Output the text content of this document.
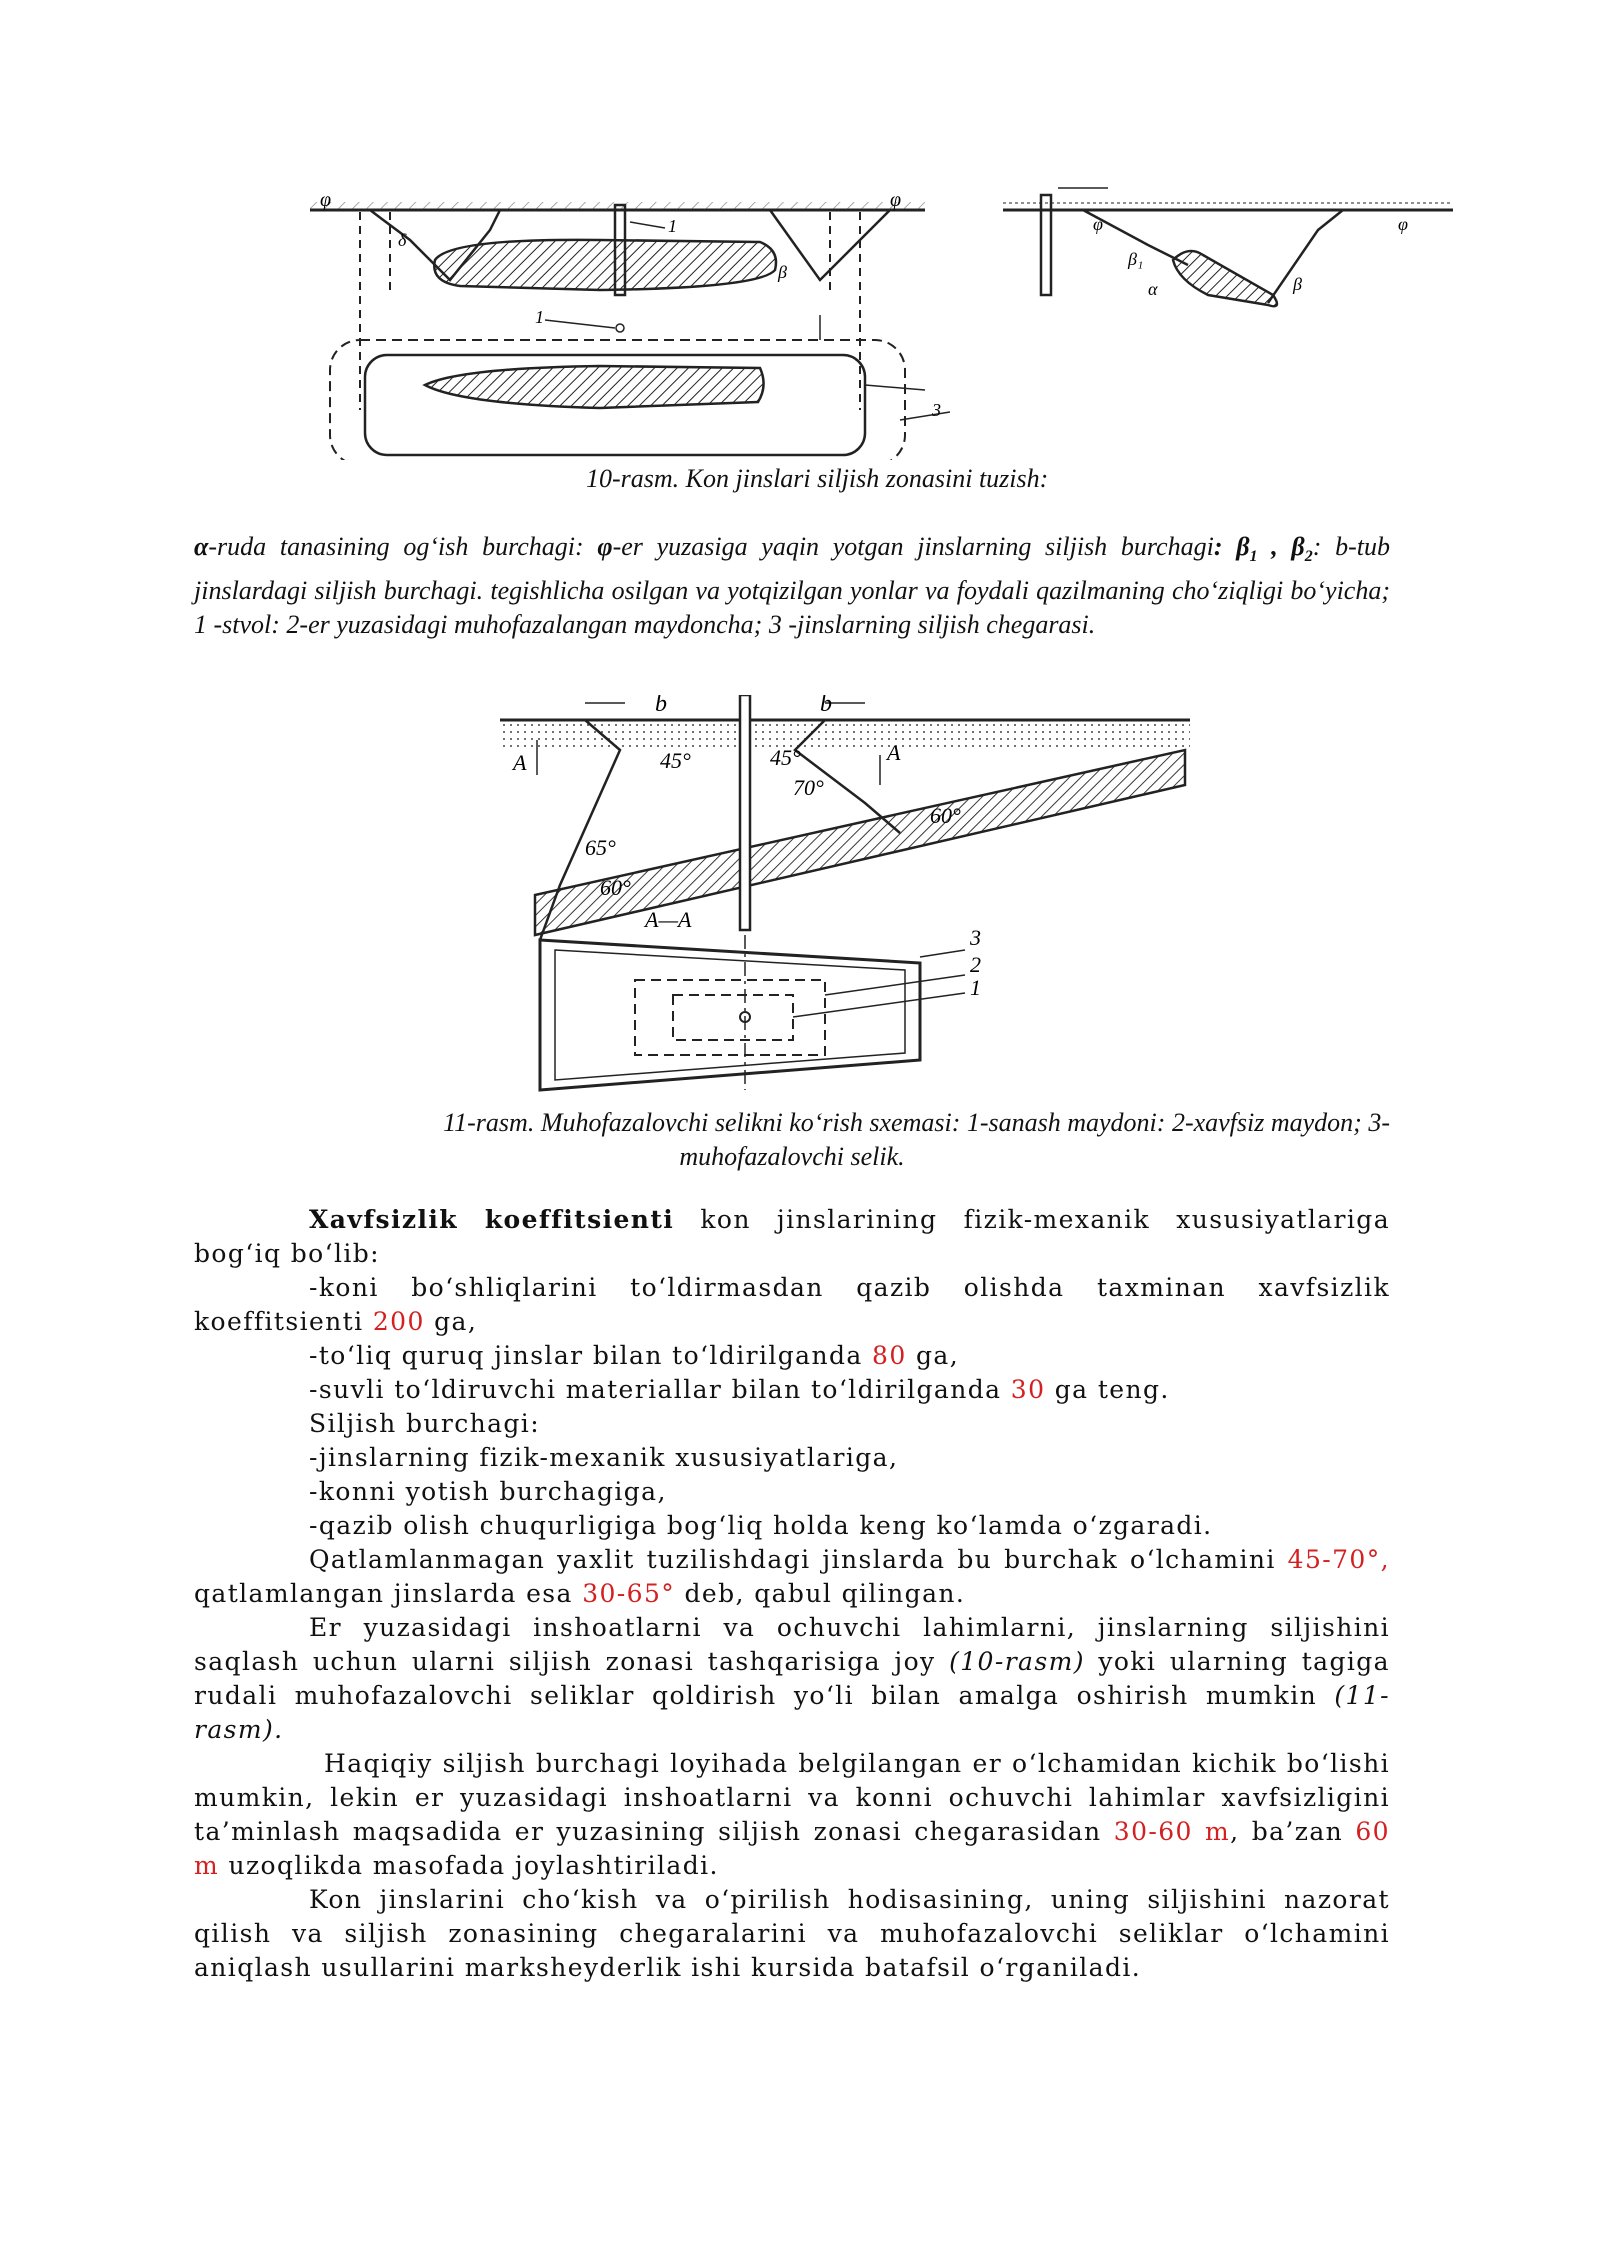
φ	φ
δ
β
1
1
3
φ	φ
β₁
α	β
10-rasm. Kon jinslari siljish zonasini tuzish:
α-ruda tanasining og‘ish burchagi: φ-er yuzasiga yaqin yotgan jinslarning siljish burchagi: $\beta_1$ , $\beta_2$: b-tub jinslardagi siljish burchagi. tegishlicha osilgan va yotqizilgan yonlar va foydali qazilmaning cho‘ziqligi bo‘yicha; 1 -stvol: 2-er yuzasidagi muhofazalangan maydoncha; 3 -jinslarning siljish chegarasi.
b	b
45°	45°
70°
60°
65°
60°
A	A
A—A
3
2
1
11-rasm. Muhofazalovchi selikni ko‘rish sxemasi: 1-sanash maydoni: 2-xavfsiz maydon; 3-
muhofazalovchi selik.

Xavfsizlik koeffitsienti kon jinslarining fizik-mexanik xususiyatlariga bog‘iq bo‘lib:

-koni bo‘shliqlarini to‘ldirmasdan qazib olishda taxminan xavfsizlik koeffitsienti 200 ga,

-to‘liq quruq jinslar bilan to‘ldirilganda 80 ga,

-suvli to‘ldiruvchi materiallar bilan to‘ldirilganda 30 ga teng.

Siljish burchagi:

-jinslarning fizik-mexanik xususiyatlariga,

-konni yotish burchagiga,

-qazib olish chuqurligiga bog‘liq holda keng ko‘lamda o‘zgaradi.

Qatlamlanmagan yaxlit tuzilishdagi jinslarda bu burchak o‘lchamini 45-70°, qatlamlangan jinslarda esa 30-65° deb, qabul qilingan.

Er yuzasidagi inshoatlarni va ochuvchi lahimlarni, jinslarning siljishini saqlash uchun ularni siljish zonasi tashqarisiga joy (10-rasm) yoki ularning tagiga rudali muhofazalovchi seliklar qoldirish yo‘li bilan amalga oshirish mumkin (11-rasm).

Haqiqiy siljish burchagi loyihada belgilangan er o‘lchamidan kichik bo‘lishi mumkin, lekin er yuzasidagi inshoatlarni va konni ochuvchi lahimlar xavfsizligini ta’minlash maqsadida er yuzasining siljish zonasi chegarasidan 30-60 m, ba’zan 60 m uzoqlikda masofada joylashtiriladi.

Kon jinslarini cho‘kish va o‘pirilish hodisasining, uning siljishini nazorat qilish va siljish zonasining chegaralarini va muhofazalovchi seliklar o‘lchamini aniqlash usullarini marksheyderlik ishi kursida batafsil o‘rganiladi.
